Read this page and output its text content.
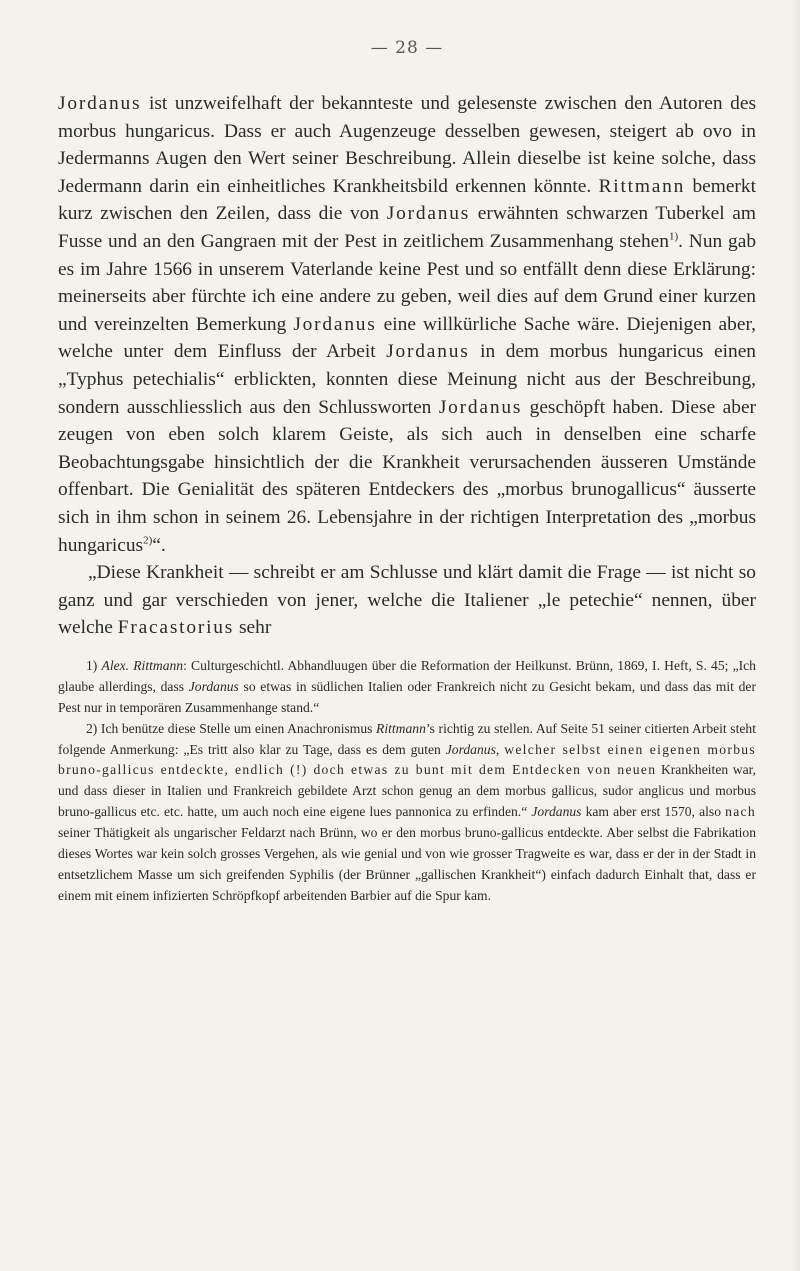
— 28 —

Jordanus ist unzweifelhaft der bekannteste und gelesenste zwischen den Autoren des morbus hungaricus. Dass er auch Augenzeuge desselben gewesen, steigert ab ovo in Jedermanns Augen den Wert seiner Beschreibung. Allein dieselbe ist keine solche, dass Jedermann darin ein einheitliches Krankheitsbild erkennen könnte. Rittmann bemerkt kurz zwischen den Zeilen, dass die von Jordanus erwähnten schwarzen Tuberkel am Fusse und an den Gangraen mit der Pest in zeitlichem Zusammenhang stehen$^{1)}$. Nun gab es im Jahre 1566 in unserem Vaterlande keine Pest und so entfällt denn diese Erklärung: meinerseits aber fürchte ich eine andere zu geben, weil dies auf dem Grund einer kurzen und vereinzelten Bemerkung Jordanus eine willkürliche Sache wäre. Diejenigen aber, welche unter dem Einfluss der Arbeit Jordanus in dem morbus hungaricus einen „Typhus petechialis“ erblickten, konnten diese Meinung nicht aus der Beschreibung, sondern ausschliesslich aus den Schlussworten Jordanus geschöpft haben. Diese aber zeugen von eben solch klarem Geiste, als sich auch in denselben eine scharfe Beobachtungsgabe hinsichtlich der die Krankheit verursachenden äusseren Umstände offenbart. Die Genialität des späteren Entdeckers des „morbus brunogallicus“ äusserte sich in ihm schon in seinem 26. Lebensjahre in der richtigen Interpretation des „morbus hungaricus$^{2)}$“.

„Diese Krankheit — schreibt er am Schlusse und klärt damit die Frage — ist nicht so ganz und gar verschieden von jener, welche die Italiener „le petechie“ nennen, über welche Fracastorius sehr

1) Alex. Rittmann: Culturgeschichtl. Abhandluugen über die Reformation der Heilkunst. Brünn, 1869, I. Heft, S. 45; „Ich glaube allerdings, dass Jordanus so etwas in südlichen Italien oder Frankreich nicht zu Gesicht bekam, und dass das mit der Pest nur in temporären Zusammenhange stand.“

2) Ich benütze diese Stelle um einen Anachronismus Rittmann’s richtig zu stellen. Auf Seite 51 seiner citierten Arbeit steht folgende Anmerkung: „Es tritt also klar zu Tage, dass es dem guten Jordanus, welcher selbst einen eigenen morbus bruno-gallicus entdeckte, endlich (!) doch etwas zu bunt mit dem Entdecken von neuen Krankheiten war, und dass dieser in Italien und Frankreich gebildete Arzt schon genug an dem morbus gallicus, sudor anglicus und morbus bruno-gallicus etc. etc. hatte, um auch noch eine eigene lues pannonica zu erfinden.“ Jordanus kam aber erst 1570, also nach seiner Thätigkeit als ungarischer Feldarzt nach Brünn, wo er den morbus bruno-gallicus entdeckte. Aber selbst die Fabrikation dieses Wortes war kein solch grosses Vergehen, als wie genial und von wie grosser Tragweite es war, dass er der in der Stadt in entsetzlichem Masse um sich greifenden Syphilis (der Brünner „gallischen Krankheit“) einfach dadurch Einhalt that, dass er einem mit einem infizierten Schröpfkopf arbeitenden Barbier auf die Spur kam.
